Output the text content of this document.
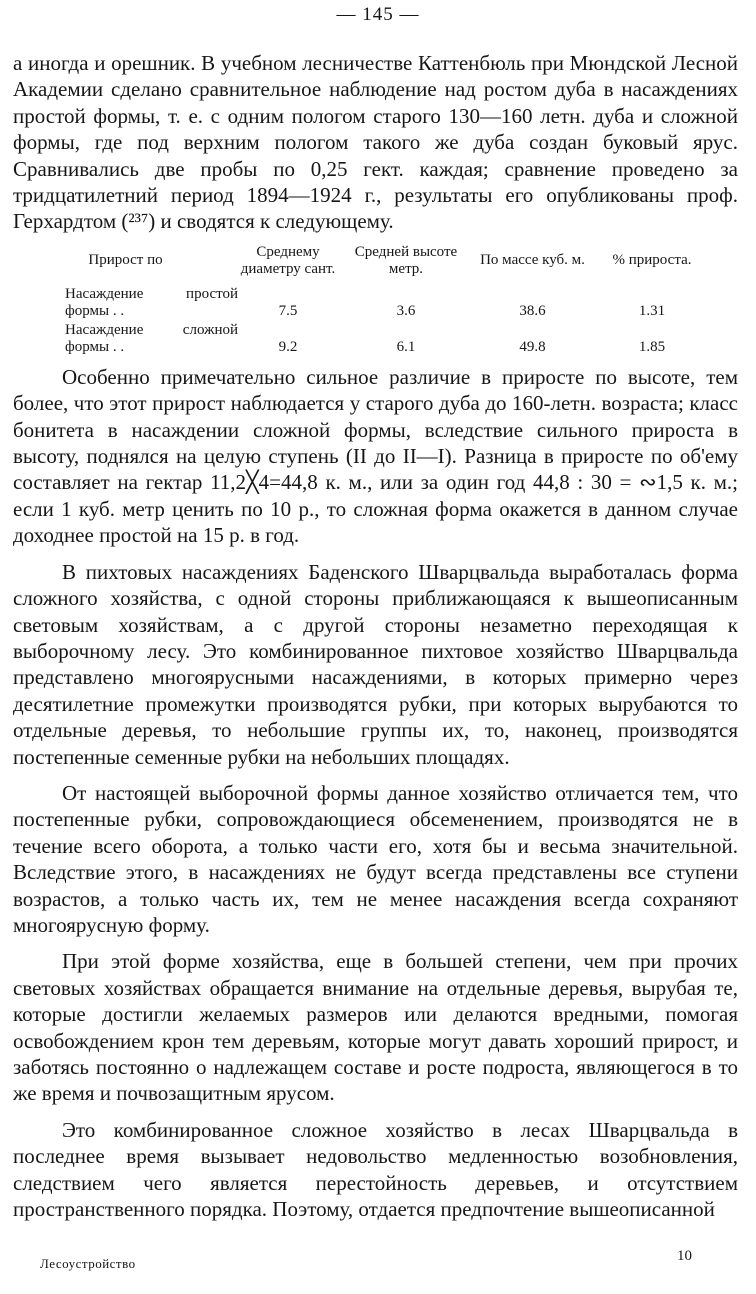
— 145 —

а иногда и орешник. В учебном лесничестве Каттенбюль при Мюндской Лесной Академии сделано сравнительное наблюдение над ростом дуба в насаждениях простой формы, т. е. с одним пологом старого 130—160 летн. дуба и сложной формы, где под верхним пологом такого же дуба создан буковый ярус. Сравнивались две пробы по 0,25 гект. каждая; сравнение проведено за тридцатилетний период 1894—1924 г., результаты его опубликованы проф. Герхардтом (²³⁷) и сводятся к следующему.

Прирост по	Среднему диаметру сант.	Средней высоте метр.	По массе куб. м.	% прироста.
Насаждение простой формы . .	7.5	3.6	38.6	1.31
Насаждение сложной формы . .	9.2	6.1	49.8	1.85

Особенно примечательно сильное различие в приросте по высоте, тем более, что этот прирост наблюдается у старого дуба до 160-летн. возраста; класс бонитета в насаждении сложной формы, вследствие сильного прироста в высоту, поднялся на целую ступень (II до II—I). Разница в приросте по об'ему составляет на гектар 11,2╳4=44,8 к. м., или за один год 44,8 : 30 = ∾1,5 к. м.; если 1 куб. метр ценить по 10 р., то сложная форма окажется в данном случае доходнее простой на 15 р. в год.

В пихтовых насаждениях Баденского Шварцвальда выработалась форма сложного хозяйства, с одной стороны приближающаяся к вышеописанным световым хозяйствам, а с другой стороны незаметно переходящая к выборочному лесу. Это комбинированное пихтовое хозяйство Шварцвальда представлено многоярусными насаждениями, в которых примерно через десятилетние промежутки производятся рубки, при которых вырубаются то отдельные деревья, то небольшие группы их, то, наконец, производятся постепенные семенные рубки на небольших площадях.

От настоящей выборочной формы данное хозяйство отличается тем, что постепенные рубки, сопровождающиеся обсеменением, производятся не в течение всего оборота, а только части его, хотя бы и весьма значительной. Вследствие этого, в насаждениях не будут всегда представлены все ступени возрастов, а только часть их, тем не менее насаждения всегда сохраняют многоярусную форму.

При этой форме хозяйства, еще в большей степени, чем при прочих световых хозяйствах обращается внимание на отдельные деревья, вырубая те, которые достигли желаемых размеров или делаются вредными, помогая освобождением крон тем деревьям, которые могут давать хороший прирост, и заботясь постоянно о надлежащем составе и росте подроста, являющегося в то же время и почвозащитным ярусом.

Это комбинированное сложное хозяйство в лесах Шварцвальда в последнее время вызывает недовольство медленностью возобновления, следствием чего является перестойность деревьев, и отсутствием пространственного порядка. Поэтому, отдается предпочтение вышеописанной

Лесоустройство	10
